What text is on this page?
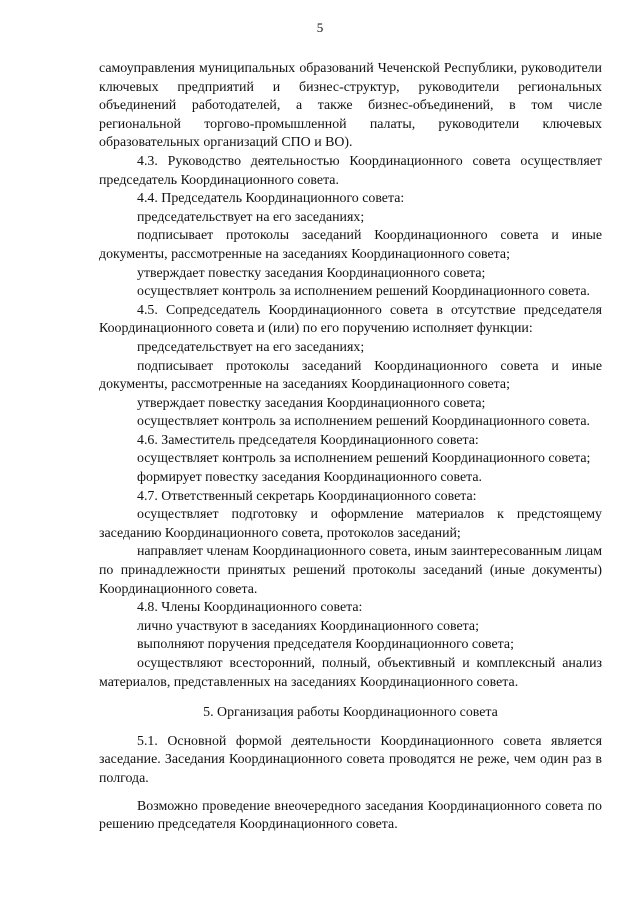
5

самоуправления муниципальных образований Чеченской Республики, руководители ключевых предприятий и бизнес-структур, руководители региональных объединений работодателей, а также бизнес-объединений, в том числе региональной торгово-промышленной палаты, руководители ключевых образовательных организаций СПО и ВО).

4.3. Руководство деятельностью Координационного совета осуществляет председатель Координационного совета.

4.4. Председатель Координационного совета:

председательствует на его заседаниях;

подписывает протоколы заседаний Координационного совета и иные документы, рассмотренные на заседаниях Координационного совета;

утверждает повестку заседания Координационного совета;

осуществляет контроль за исполнением решений Координационного совета.

4.5. Сопредседатель Координационного совета в отсутствие председателя Координационного совета и (или) по его поручению исполняет функции:

председательствует на его заседаниях;

подписывает протоколы заседаний Координационного совета и иные документы, рассмотренные на заседаниях Координационного совета;

утверждает повестку заседания Координационного совета;

осуществляет контроль за исполнением решений Координационного совета.

4.6. Заместитель председателя Координационного совета:

осуществляет контроль за исполнением решений Координационного совета;

формирует повестку заседания Координационного совета.

4.7. Ответственный секретарь Координационного совета:

осуществляет подготовку и оформление материалов к предстоящему заседанию Координационного совета, протоколов заседаний;

направляет членам Координационного совета, иным заинтересованным лицам по принадлежности принятых решений протоколы заседаний (иные документы) Координационного совета.

4.8. Члены Координационного совета:

лично участвуют в заседаниях Координационного совета;

выполняют поручения председателя Координационного совета;

осуществляют всесторонний, полный, объективный и комплексный анализ материалов, представленных на заседаниях Координационного совета.

5. Организация работы Координационного совета

5.1. Основной формой деятельности Координационного совета является заседание. Заседания Координационного совета проводятся не реже, чем один раз в полгода.

Возможно проведение внеочередного заседания Координационного совета по решению председателя Координационного совета.
